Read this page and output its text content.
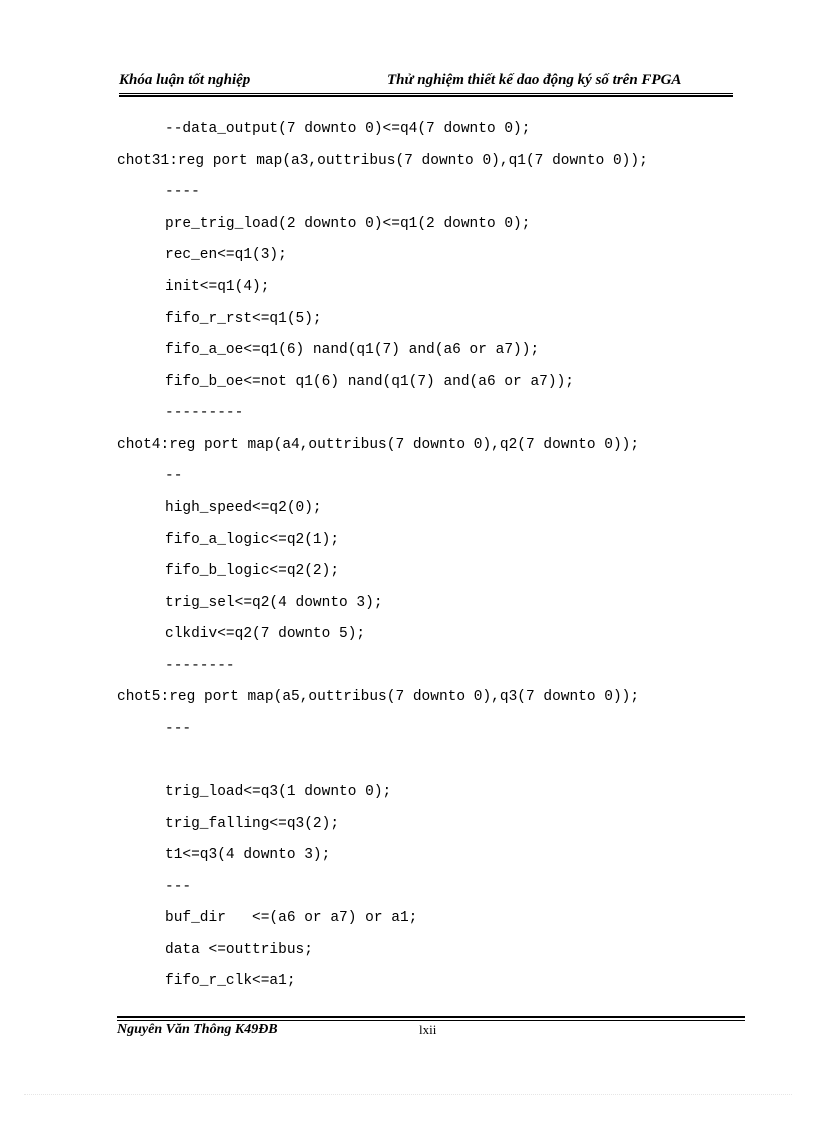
Khóa luận tốt nghiệp	Thử nghiệm thiết kế dao động ký số trên FPGA

--data_output(7 downto 0)<=q4(7 downto 0);

chot31:reg port map(a3,outtribus(7 downto 0),q1(7 downto 0));

----

pre_trig_load(2 downto 0)<=q1(2 downto 0);

rec_en<=q1(3);

init<=q1(4);

fifo_r_rst<=q1(5);

fifo_a_oe<=q1(6) nand(q1(7) and(a6 or a7));

fifo_b_oe<=not q1(6) nand(q1(7) and(a6 or a7));

---------

chot4:reg port map(a4,outtribus(7 downto 0),q2(7 downto 0));

--

high_speed<=q2(0);

fifo_a_logic<=q2(1);

fifo_b_logic<=q2(2);

trig_sel<=q2(4 downto 3);

clkdiv<=q2(7 downto 5);

--------

chot5:reg port map(a5,outtribus(7 downto 0),q3(7 downto 0));

---

trig_load<=q3(1 downto 0);

trig_falling<=q3(2);

t1<=q3(4 downto 3);

---

buf_dir   <=(a6 or a7) or a1;

data <=outtribus;

fifo_r_clk<=a1;

Nguyên Văn Thông K49ĐB	lxii
